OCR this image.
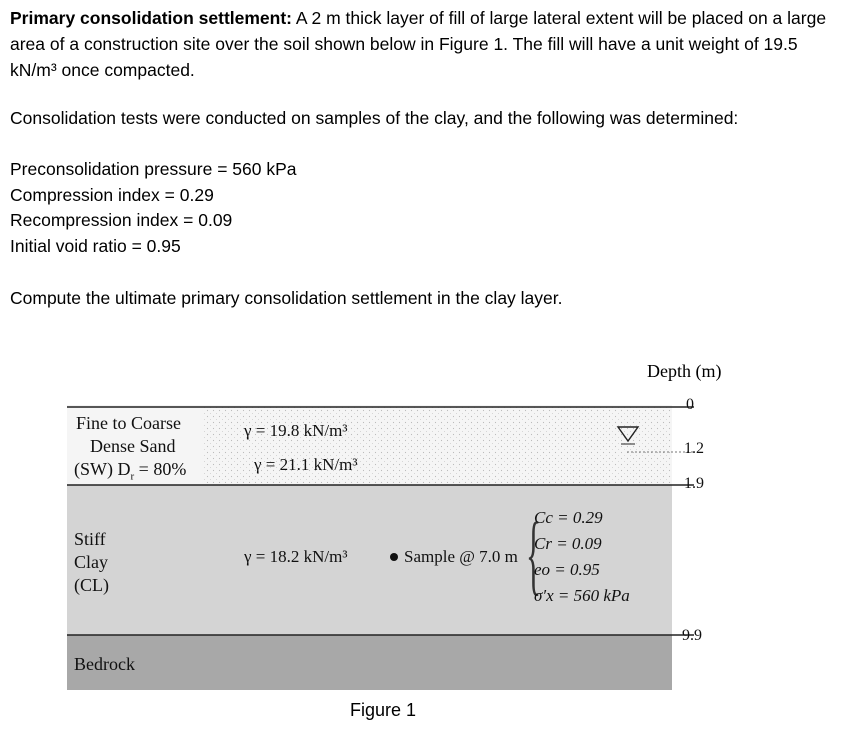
Primary consolidation settlement: A 2 m thick layer of fill of large lateral extent will be placed on a large area of a construction site over the soil shown below in Figure 1. The fill will have a unit weight of 19.5 kN/m³ once compacted.
Consolidation tests were conducted on samples of the clay, and the following was determined:
Preconsolidation pressure = 560 kPa
Compression index = 0.29
Recompression index = 0.09
Initial void ratio = 0.95
Compute the ultimate primary consolidation settlement in the clay layer.
Depth (m)
0
1.2
1.9
9.9
Fine to Coarse
Dense Sand
(SW) $D_r = 80\%$
Stiff
Clay
(CL)
Bedrock
γ = 19.8 kN/m³
γ = 21.1 kN/m³
γ = 18.2 kN/m³	Sample @ 7.0 m {
Cc = 0.29
Cr = 0.09
eo = 0.95
σ′x = 560 kPa
Figure 1
